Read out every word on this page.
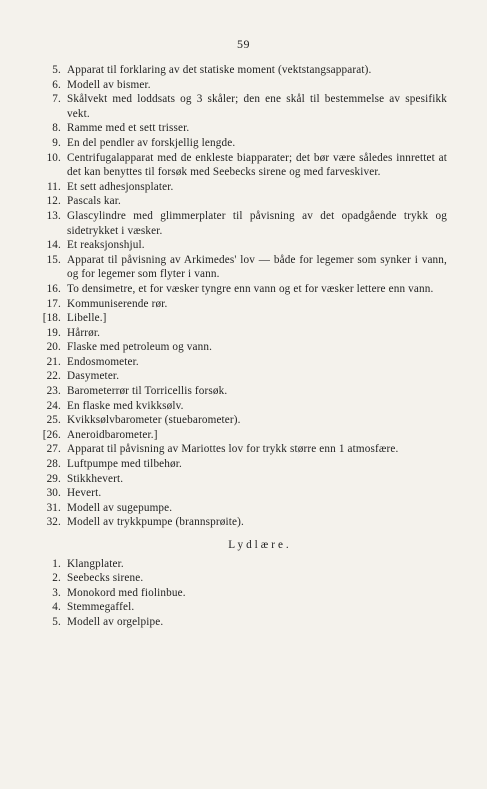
59
5. Apparat til forklaring av det statiske moment (vektstangsapparat).
6. Modell av bismer.
7. Skålvekt med loddsats og 3 skåler; den ene skål til bestemmelse av spesifikk vekt.
8. Ramme med et sett trisser.
9. En del pendler av forskjellig lengde.
10. Centrifugalapparat med de enkleste biapparater; det bør være således innrettet at det kan benyttes til forsøk med Seebecks sirene og med farveskiver.
11. Et sett adhesjonsplater.
12. Pascals kar.
13. Glascylindre med glimmerplater til påvisning av det opadgående trykk og sidetrykket i væsker.
14. Et reaksjonshjul.
15. Apparat til påvisning av Arkimedes' lov — både for legemer som synker i vann, og for legemer som flyter i vann.
16. To densimetre, et for væsker tyngre enn vann og et for væsker lettere enn vann.
17. Kommuniserende rør.
[18. Libelle.]
19. Hårrør.
20. Flaske med petroleum og vann.
21. Endosmometer.
22. Dasymeter.
23. Barometerrør til Torricellis forsøk.
24. En flaske med kvikksølv.
25. Kvikksølvbarometer (stuebarometer).
[26. Aneroidbarometer.]
27. Apparat til påvisning av Mariottes lov for trykk større enn 1 atmosfære.
28. Luftpumpe med tilbehør.
29. Stikkhevert.
30. Hevert.
31. Modell av sugepumpe.
32. Modell av trykkpumpe (brannsprøite).
Lydlære.
1. Klangplater.
2. Seebecks sirene.
3. Monokord med fiolinbue.
4. Stemmegaffel.
5. Modell av orgelpipe.
